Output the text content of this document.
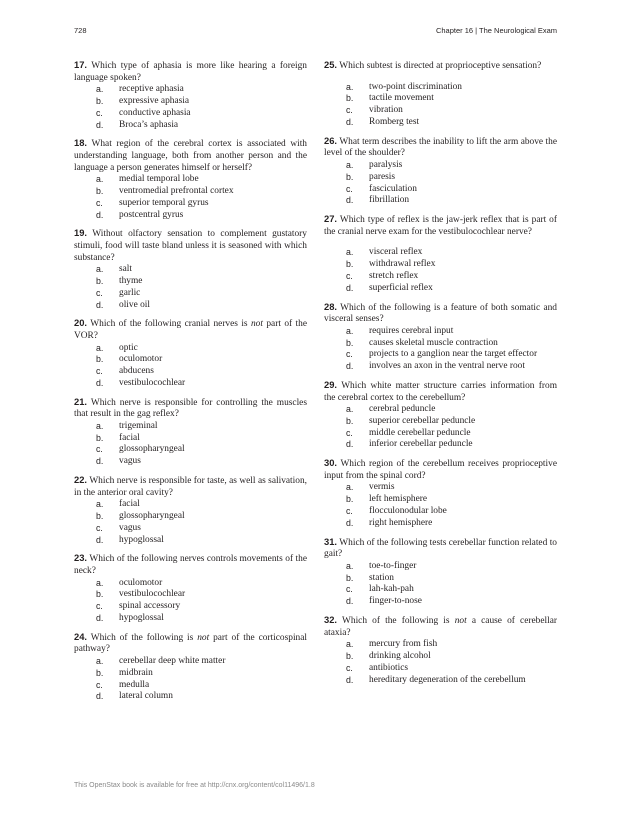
728	Chapter 16 | The Neurological Exam
17. Which type of aphasia is more like hearing a foreign language spoken?
a.	receptive aphasia
b.	expressive aphasia
c.	conductive aphasia
d.	Broca’s aphasia
18. What region of the cerebral cortex is associated with understanding language, both from another person and the language a person generates himself or herself?
a.	medial temporal lobe
b.	ventromedial prefrontal cortex
c.	superior temporal gyrus
d.	postcentral gyrus
19. Without olfactory sensation to complement gustatory stimuli, food will taste bland unless it is seasoned with which substance?
a.	salt
b.	thyme
c.	garlic
d.	olive oil
20. Which of the following cranial nerves is not part of the VOR?
a.	optic
b.	oculomotor
c.	abducens
d.	vestibulocochlear
21. Which nerve is responsible for controlling the muscles that result in the gag reflex?
a.	trigeminal
b.	facial
c.	glossopharyngeal
d.	vagus
22. Which nerve is responsible for taste, as well as salivation, in the anterior oral cavity?
a.	facial
b.	glossopharyngeal
c.	vagus
d.	hypoglossal
23. Which of the following nerves controls movements of the neck?
a.	oculomotor
b.	vestibulocochlear
c.	spinal accessory
d.	hypoglossal
24. Which of the following is not part of the corticospinal pathway?
a.	cerebellar deep white matter
b.	midbrain
c.	medulla
d.	lateral column
25. Which subtest is directed at proprioceptive sensation?
a.	two-point discrimination
b.	tactile movement
c.	vibration
d.	Romberg test
26. What term describes the inability to lift the arm above the level of the shoulder?
a.	paralysis
b.	paresis
c.	fasciculation
d.	fibrillation
27. Which type of reflex is the jaw-jerk reflex that is part of the cranial nerve exam for the vestibulocochlear nerve?
a.	visceral reflex
b.	withdrawal reflex
c.	stretch reflex
d.	superficial reflex
28. Which of the following is a feature of both somatic and visceral senses?
a.	requires cerebral input
b.	causes skeletal muscle contraction
c.	projects to a ganglion near the target effector
d.	involves an axon in the ventral nerve root
29. Which white matter structure carries information from the cerebral cortex to the cerebellum?
a.	cerebral peduncle
b.	superior cerebellar peduncle
c.	middle cerebellar peduncle
d.	inferior cerebellar peduncle
30. Which region of the cerebellum receives proprioceptive input from the spinal cord?
a.	vermis
b.	left hemisphere
c.	flocculonodular lobe
d.	right hemisphere
31. Which of the following tests cerebellar function related to gait?
a.	toe-to-finger
b.	station
c.	lah-kah-pah
d.	finger-to-nose
32. Which of the following is not a cause of cerebellar ataxia?
a.	mercury from fish
b.	drinking alcohol
c.	antibiotics
d.	hereditary degeneration of the cerebellum
This OpenStax book is available for free at http://cnx.org/content/col11496/1.8
